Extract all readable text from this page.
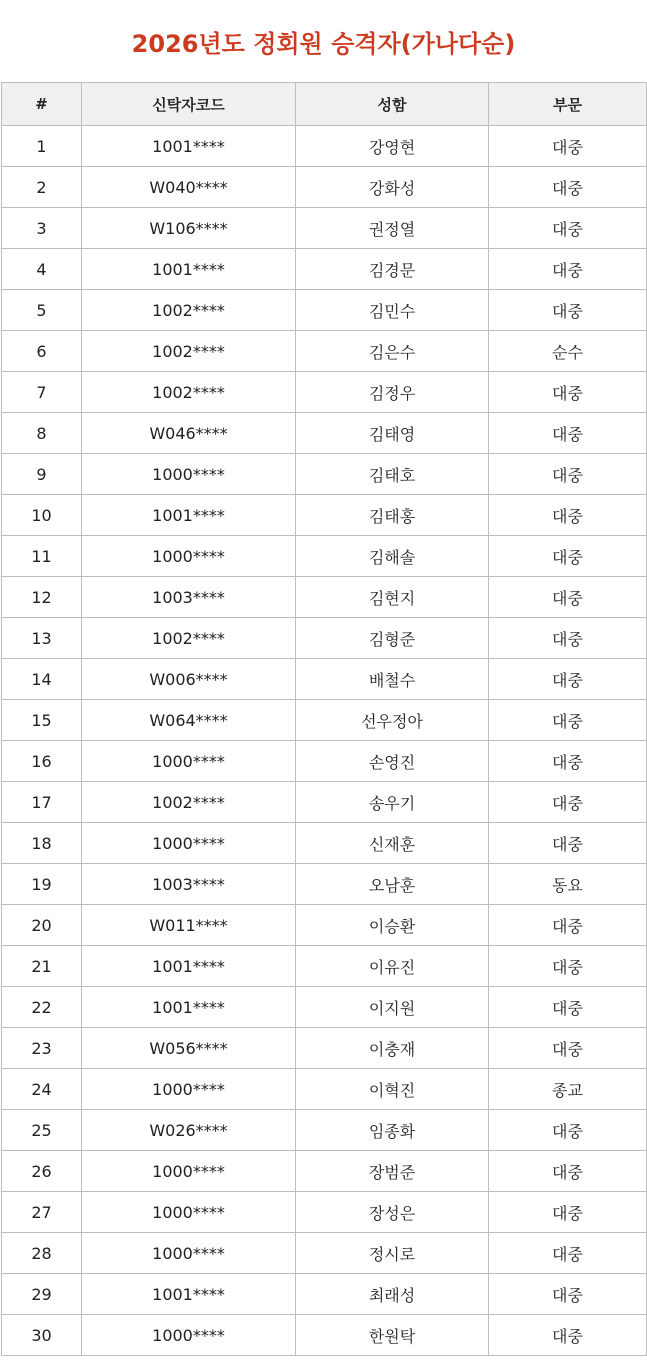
2026년도 정회원 승격자(가나다순)
#	신탁자코드	성함	부문
1	1001****	강영현	대중
2	W040****	강화성	대중
3	W106****	권정열	대중
4	1001****	김경문	대중
5	1002****	김민수	대중
6	1002****	김은수	순수
7	1002****	김정우	대중
8	W046****	김태영	대중
9	1000****	김태호	대중
10	1001****	김태홍	대중
11	1000****	김해솔	대중
12	1003****	김현지	대중
13	1002****	김형준	대중
14	W006****	배철수	대중
15	W064****	선우정아	대중
16	1000****	손영진	대중
17	1002****	송우기	대중
18	1000****	신재훈	대중
19	1003****	오남훈	동요
20	W011****	이승환	대중
21	1001****	이유진	대중
22	1001****	이지원	대중
23	W056****	이충재	대중
24	1000****	이혁진	종교
25	W026****	임종화	대중
26	1000****	장범준	대중
27	1000****	장성은	대중
28	1000****	정시로	대중
29	1001****	최래성	대중
30	1000****	한원탁	대중
